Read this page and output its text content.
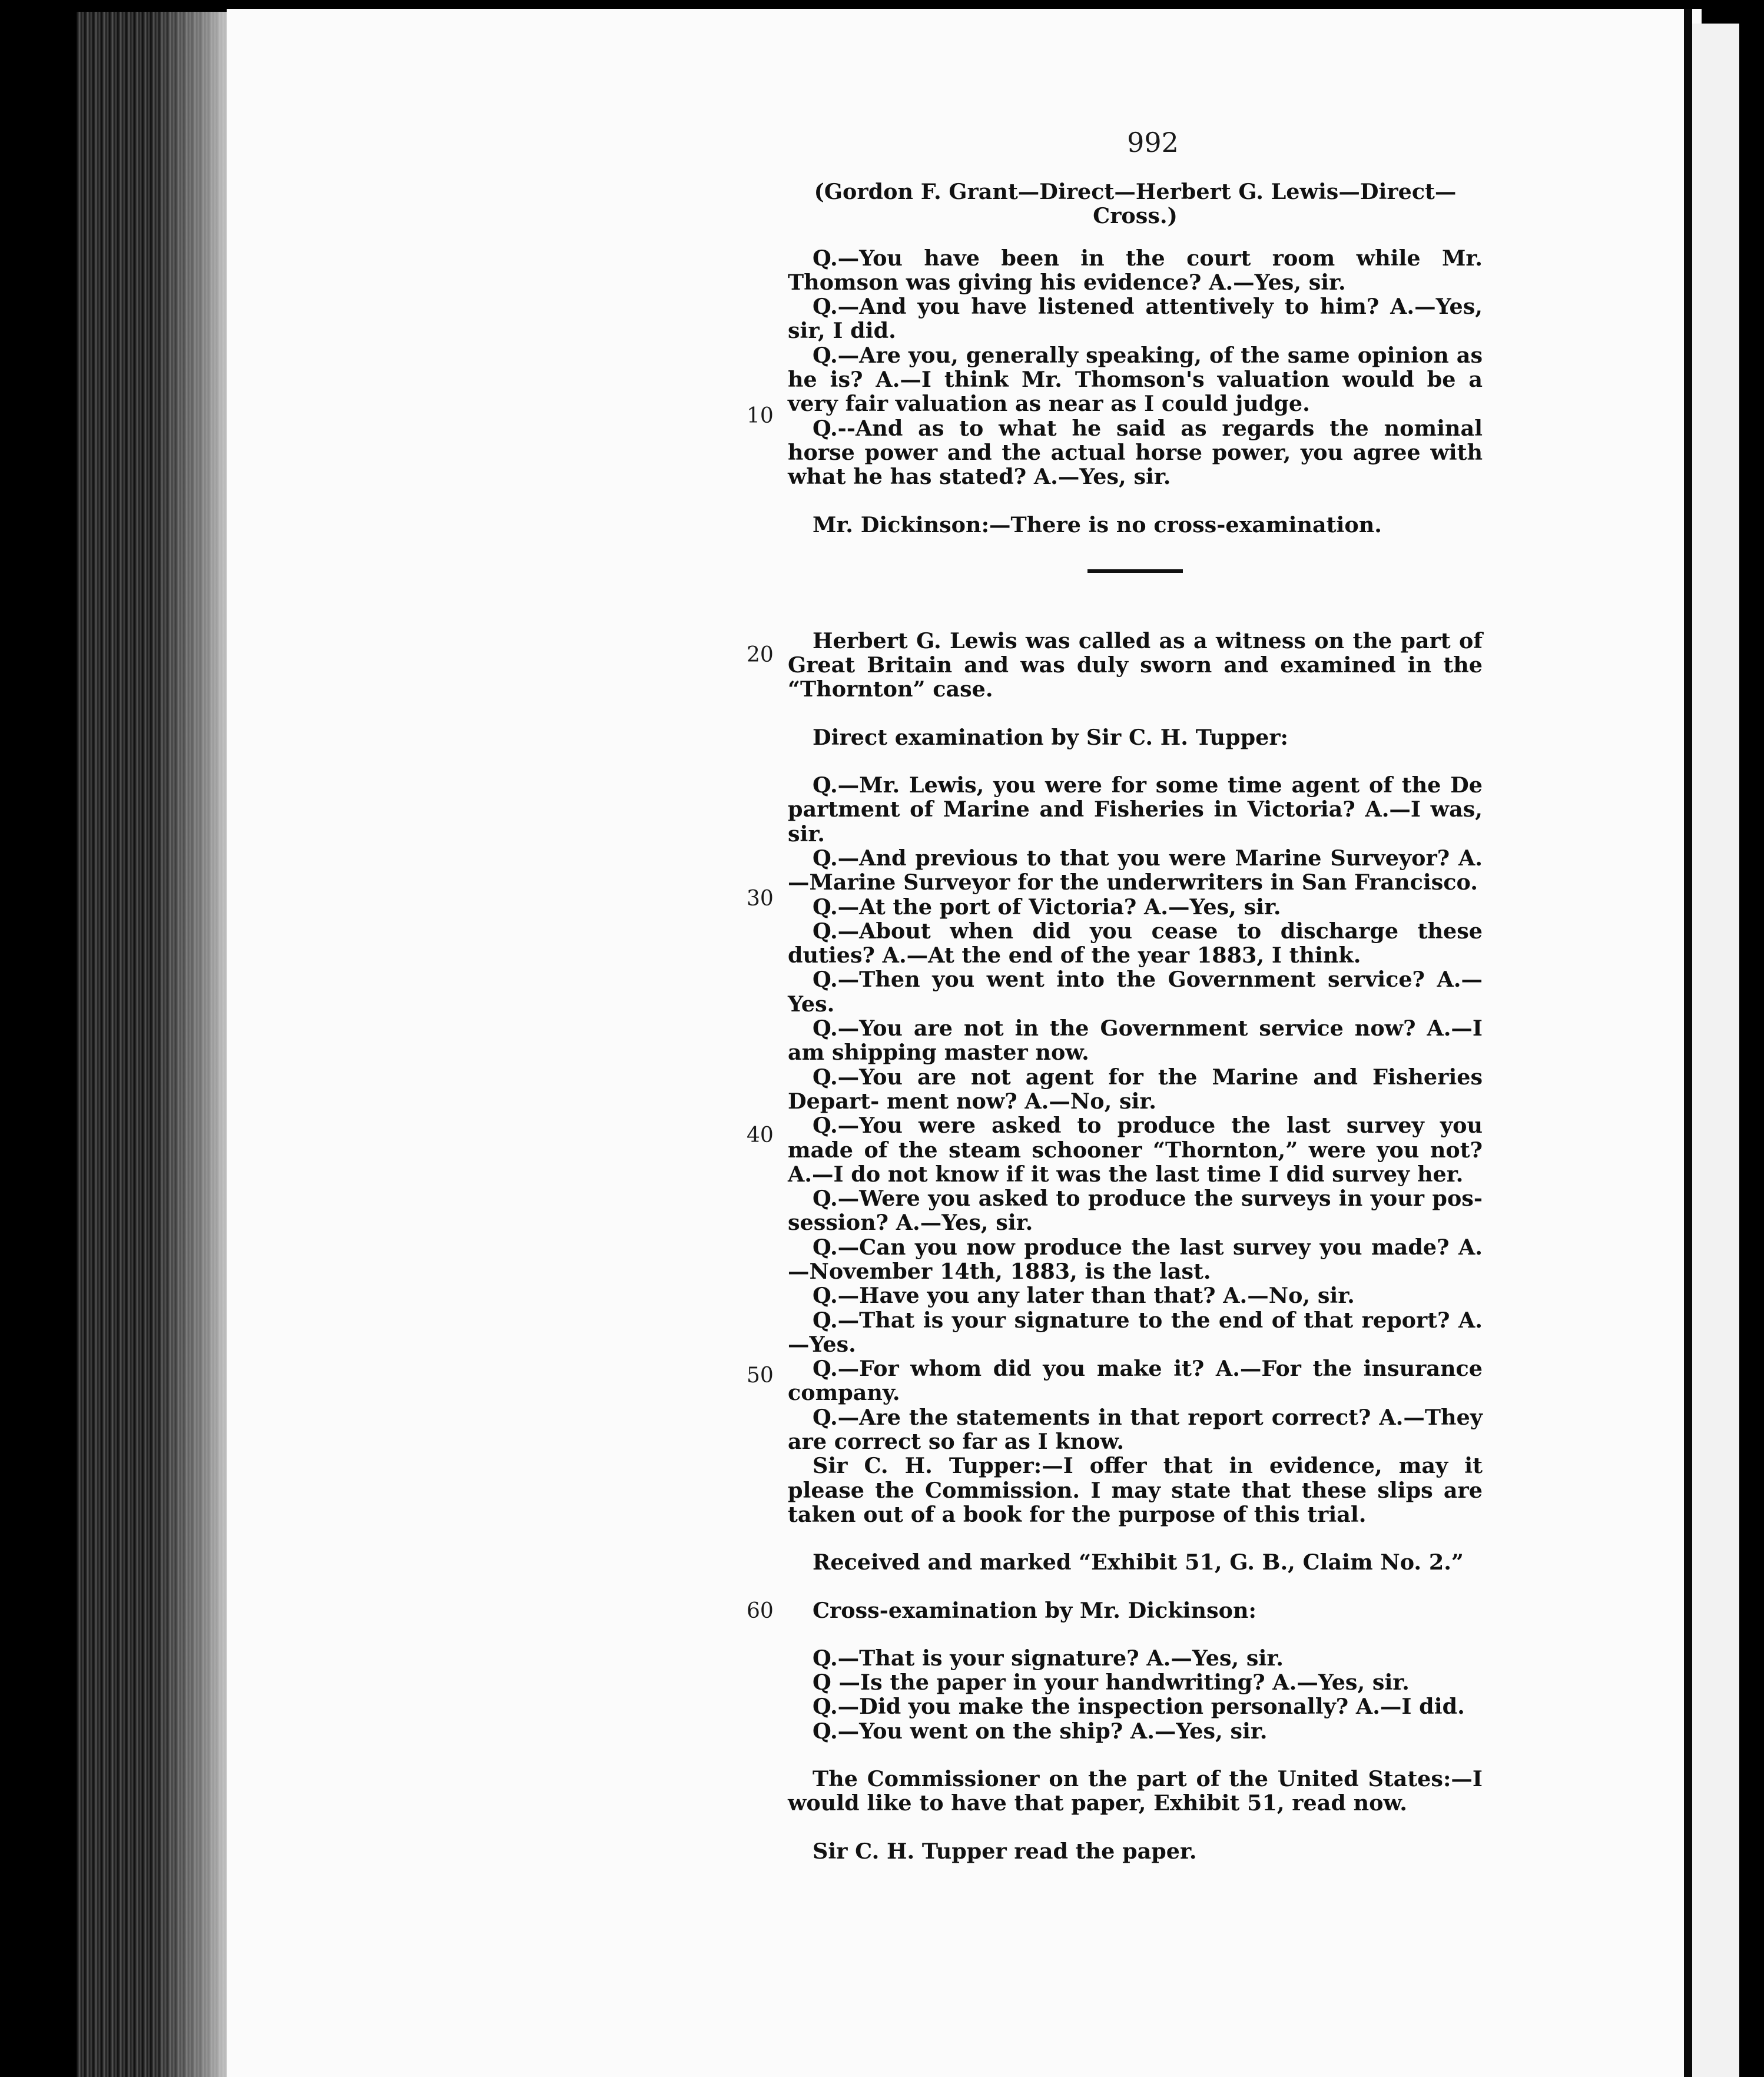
992
10
20
30
40
50
60

(Gordon F. Grant—Direct—Herbert G. Lewis—Direct—Cross.)

Q.—You have been in the court room while Mr. Thomson was giving his evidence? A.—Yes, sir.

Q.—And you have listened attentively to him? A.—Yes, sir, I did.

Q.—Are you, generally speaking, of the same opinion as he is? A.—I think Mr. Thomson's valuation would be a very fair valuation as near as I could judge.

Q.--And as to what he said as regards the nominal horse power and the actual horse power, you agree with what he has stated? A.—Yes, sir.

Mr. Dickinson:—There is no cross-examination.

Herbert G. Lewis was called as a witness on the part of Great Britain and was duly sworn and examined in the “Thornton” case.

Direct examination by Sir C. H. Tupper:

Q.—Mr. Lewis, you were for some time agent of the De partment of Marine and Fisheries in Victoria? A.—I was, sir.

Q.—And previous to that you were Marine Surveyor? A.—Marine Surveyor for the underwriters in San Francisco.

Q.—At the port of Victoria? A.—Yes, sir.

Q.—About when did you cease to discharge these duties? A.—At the end of the year 1883, I think.

Q.—Then you went into the Government service? A.—Yes.

Q.—You are not in the Government service now? A.—I am shipping master now.

Q.—You are not agent for the Marine and Fisheries Depart- ment now? A.—No, sir.

Q.—You were asked to produce the last survey you made of the steam schooner “Thornton,” were you not? A.—I do not know if it was the last time I did survey her.

Q.—Were you asked to produce the surveys in your pos- session? A.—Yes, sir.

Q.—Can you now produce the last survey you made? A.—November 14th, 1883, is the last.

Q.—Have you any later than that? A.—No, sir.

Q.—That is your signature to the end of that report? A.—Yes.

Q.—For whom did you make it? A.—For the insurance company.

Q.—Are the statements in that report correct? A.—They are correct so far as I know.

Sir C. H. Tupper:—I offer that in evidence, may it please the Commission. I may state that these slips are taken out of a book for the purpose of this trial.

Received and marked “Exhibit 51, G. B., Claim No. 2.”

Cross-examination by Mr. Dickinson:

Q.—That is your signature? A.—Yes, sir.

Q —Is the paper in your handwriting? A.—Yes, sir.

Q.—Did you make the inspection personally? A.—I did.

Q.—You went on the ship? A.—Yes, sir.

The Commissioner on the part of the United States:—I would like to have that paper, Exhibit 51, read now.

Sir C. H. Tupper read the paper.
